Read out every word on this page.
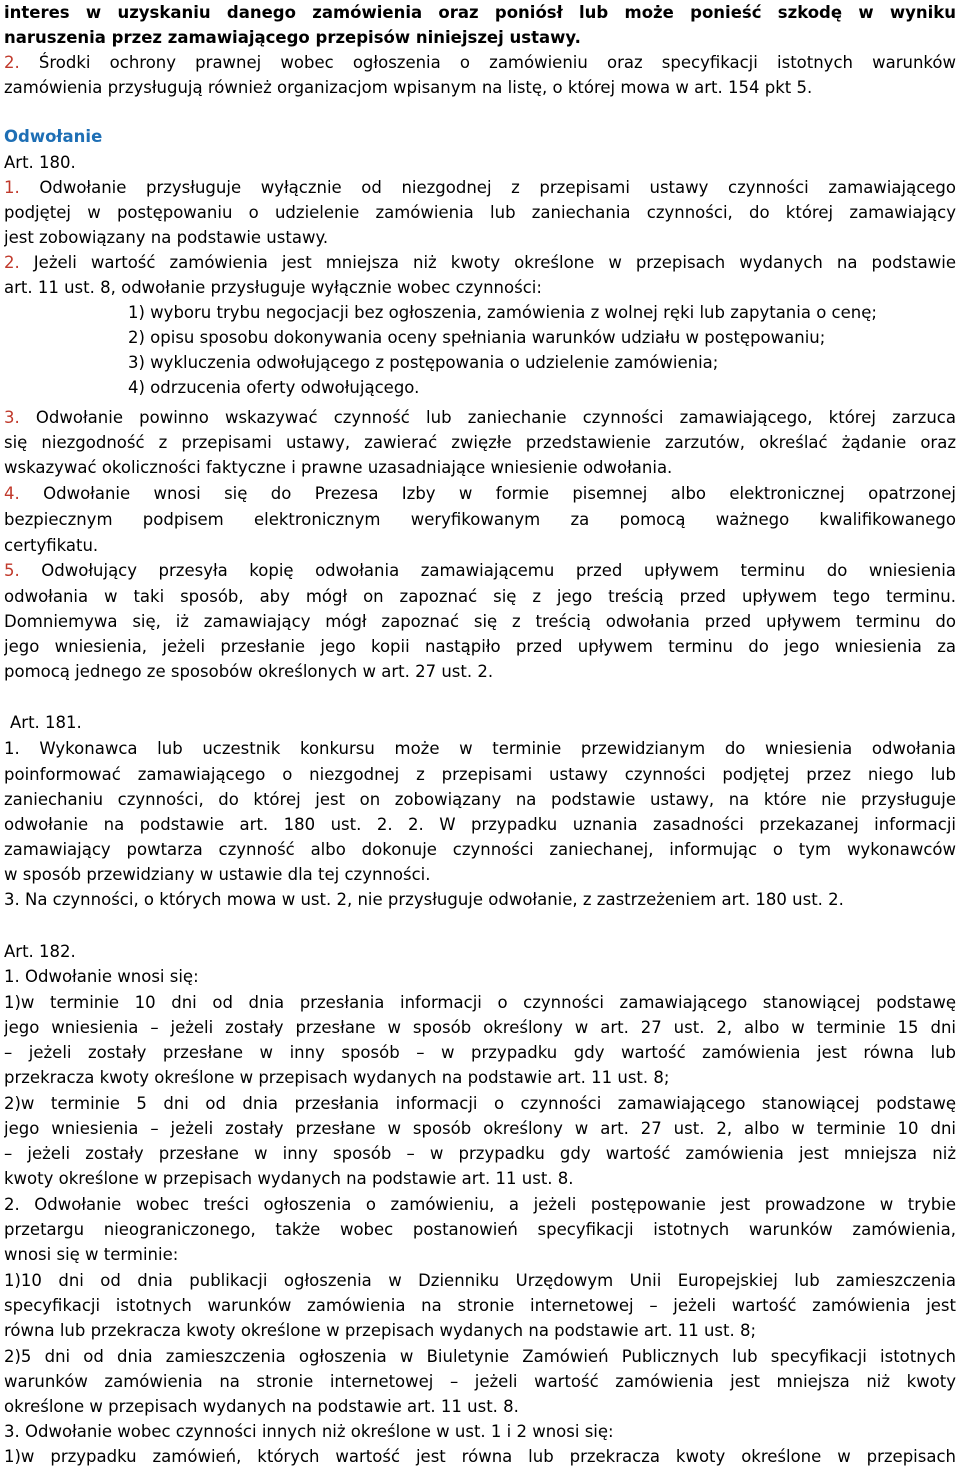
interes w uzyskaniu danego zamówienia oraz poniósł lub może ponieść szkodę w wyniku
naruszenia przez zamawiającego przepisów niniejszej ustawy.
2. Środki ochrony prawnej wobec ogłoszenia o zamówieniu oraz specyfikacji istotnych warunków
zamówienia przysługują również organizacjom wpisanym na listę, o której mowa w art. 154 pkt 5.
Odwołanie
Art. 180.
1. Odwołanie przysługuje wyłącznie od niezgodnej z przepisami ustawy czynności zamawiającego
podjętej w postępowaniu o udzielenie zamówienia lub zaniechania czynności, do której zamawiający
jest zobowiązany na podstawie ustawy.
2. Jeżeli wartość zamówienia jest mniejsza niż kwoty określone w przepisach wydanych na podstawie
art. 11 ust. 8, odwołanie przysługuje wyłącznie wobec czynności:
1) wyboru trybu negocjacji bez ogłoszenia, zamówienia z wolnej ręki lub zapytania o cenę;
2) opisu sposobu dokonywania oceny spełniania warunków udziału w postępowaniu;
3) wykluczenia odwołującego z postępowania o udzielenie zamówienia;
4) odrzucenia oferty odwołującego.
3. Odwołanie powinno wskazywać czynność lub zaniechanie czynności zamawiającego, której zarzuca
się niezgodność z przepisami ustawy, zawierać zwięzłe przedstawienie zarzutów, określać żądanie oraz
wskazywać okoliczności faktyczne i prawne uzasadniające wniesienie odwołania.
4. Odwołanie wnosi się do Prezesa Izby w formie pisemnej albo elektronicznej opatrzonej
bezpiecznym podpisem elektronicznym weryfikowanym za pomocą ważnego kwalifikowanego
certyfikatu.
5. Odwołujący przesyła kopię odwołania zamawiającemu przed upływem terminu do wniesienia
odwołania w taki sposób, aby mógł on zapoznać się z jego treścią przed upływem tego terminu.
Domniemywa się, iż zamawiający mógł zapoznać się z treścią odwołania przed upływem terminu do
jego wniesienia, jeżeli przesłanie jego kopii nastąpiło przed upływem terminu do jego wniesienia za
pomocą jednego ze sposobów określonych w art. 27 ust. 2.
Art. 181.
1. Wykonawca lub uczestnik konkursu może w terminie przewidzianym do wniesienia odwołania
poinformować zamawiającego o niezgodnej z przepisami ustawy czynności podjętej przez niego lub
zaniechaniu czynności, do której jest on zobowiązany na podstawie ustawy, na które nie przysługuje
odwołanie na podstawie art. 180 ust. 2. 2. W przypadku uznania zasadności przekazanej informacji
zamawiający powtarza czynność albo dokonuje czynności zaniechanej, informując o tym wykonawców
w sposób przewidziany w ustawie dla tej czynności.
3. Na czynności, o których mowa w ust. 2, nie przysługuje odwołanie, z zastrzeżeniem art. 180 ust. 2.
Art. 182.
1. Odwołanie wnosi się:
1)w terminie 10 dni od dnia przesłania informacji o czynności zamawiającego stanowiącej podstawę
jego wniesienia – jeżeli zostały przesłane w sposób określony w art. 27 ust. 2, albo w terminie 15 dni
– jeżeli zostały przesłane w inny sposób – w przypadku gdy wartość zamówienia jest równa lub
przekracza kwoty określone w przepisach wydanych na podstawie art. 11 ust. 8;
2)w terminie 5 dni od dnia przesłania informacji o czynności zamawiającego stanowiącej podstawę
jego wniesienia – jeżeli zostały przesłane w sposób określony w art. 27 ust. 2, albo w terminie 10 dni
– jeżeli zostały przesłane w inny sposób – w przypadku gdy wartość zamówienia jest mniejsza niż
kwoty określone w przepisach wydanych na podstawie art. 11 ust. 8.
2. Odwołanie wobec treści ogłoszenia o zamówieniu, a jeżeli postępowanie jest prowadzone w trybie
przetargu nieograniczonego, także wobec postanowień specyfikacji istotnych warunków zamówienia,
wnosi się w terminie:
1)10 dni od dnia publikacji ogłoszenia w Dzienniku Urzędowym Unii Europejskiej lub zamieszczenia
specyfikacji istotnych warunków zamówienia na stronie internetowej – jeżeli wartość zamówienia jest
równa lub przekracza kwoty określone w przepisach wydanych na podstawie art. 11 ust. 8;
2)5 dni od dnia zamieszczenia ogłoszenia w Biuletynie Zamówień Publicznych lub specyfikacji istotnych
warunków zamówienia na stronie internetowej – jeżeli wartość zamówienia jest mniejsza niż kwoty
określone w przepisach wydanych na podstawie art. 11 ust. 8.
3. Odwołanie wobec czynności innych niż określone w ust. 1 i 2 wnosi się:
1)w przypadku zamówień, których wartość jest równa lub przekracza kwoty określone w przepisach
